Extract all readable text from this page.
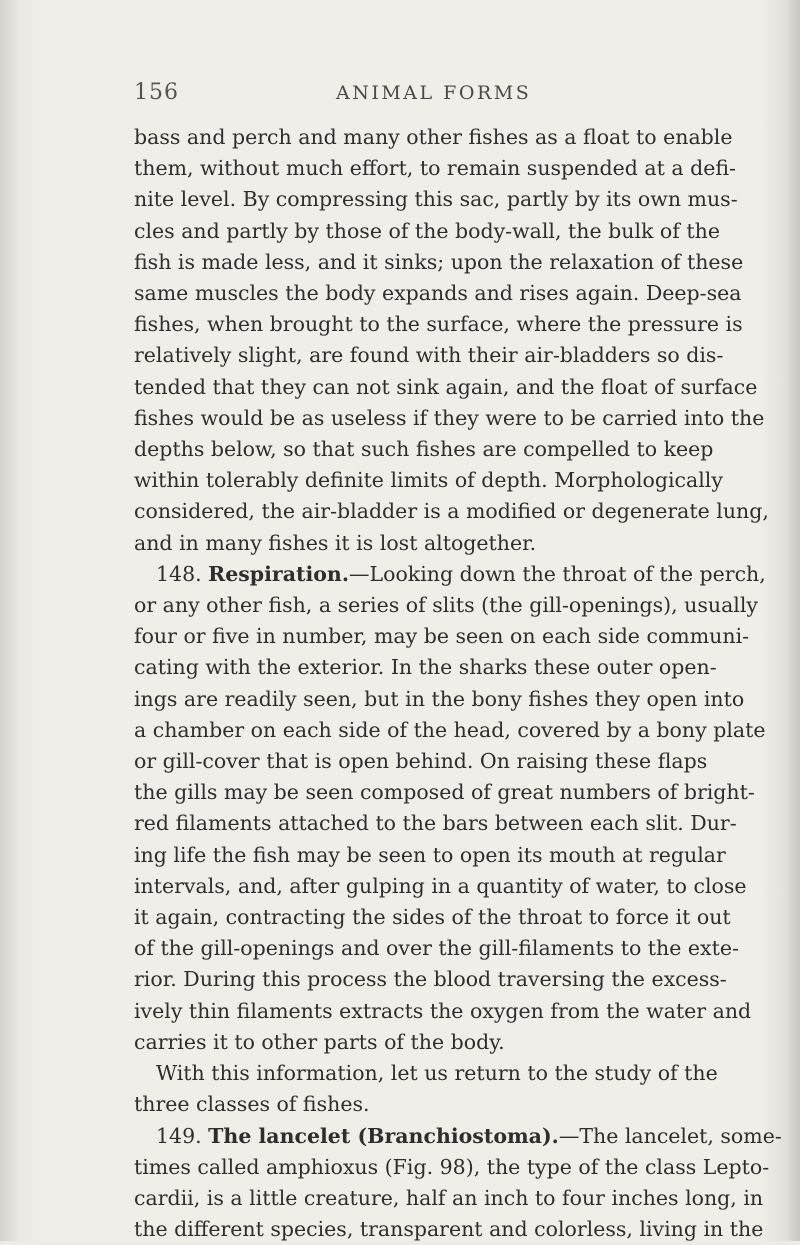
156	ANIMAL FORMS
bass and perch and many other fishes as a float to enable
them, without much effort, to remain suspended at a defi-
nite level. By compressing this sac, partly by its own mus-
cles and partly by those of the body-wall, the bulk of the
fish is made less, and it sinks; upon the relaxation of these
same muscles the body expands and rises again. Deep-sea
fishes, when brought to the surface, where the pressure is
relatively slight, are found with their air-bladders so dis-
tended that they can not sink again, and the float of surface
fishes would be as useless if they were to be carried into the
depths below, so that such fishes are compelled to keep
within tolerably definite limits of depth. Morphologically
considered, the air-bladder is a modified or degenerate lung,
and in many fishes it is lost altogether.
148. Respiration.—Looking down the throat of the perch,
or any other fish, a series of slits (the gill-openings), usually
four or five in number, may be seen on each side communi-
cating with the exterior. In the sharks these outer open-
ings are readily seen, but in the bony fishes they open into
a chamber on each side of the head, covered by a bony plate
or gill-cover that is open behind. On raising these flaps
the gills may be seen composed of great numbers of bright-
red filaments attached to the bars between each slit. Dur-
ing life the fish may be seen to open its mouth at regular
intervals, and, after gulping in a quantity of water, to close
it again, contracting the sides of the throat to force it out
of the gill-openings and over the gill-filaments to the exte-
rior. During this process the blood traversing the excess-
ively thin filaments extracts the oxygen from the water and
carries it to other parts of the body.
With this information, let us return to the study of the
three classes of fishes.
149. The lancelet (Branchiostoma).—The lancelet, some-
times called amphioxus (Fig. 98), the type of the class Lepto-
cardii, is a little creature, half an inch to four inches long, in
the different species, transparent and colorless, living in the
